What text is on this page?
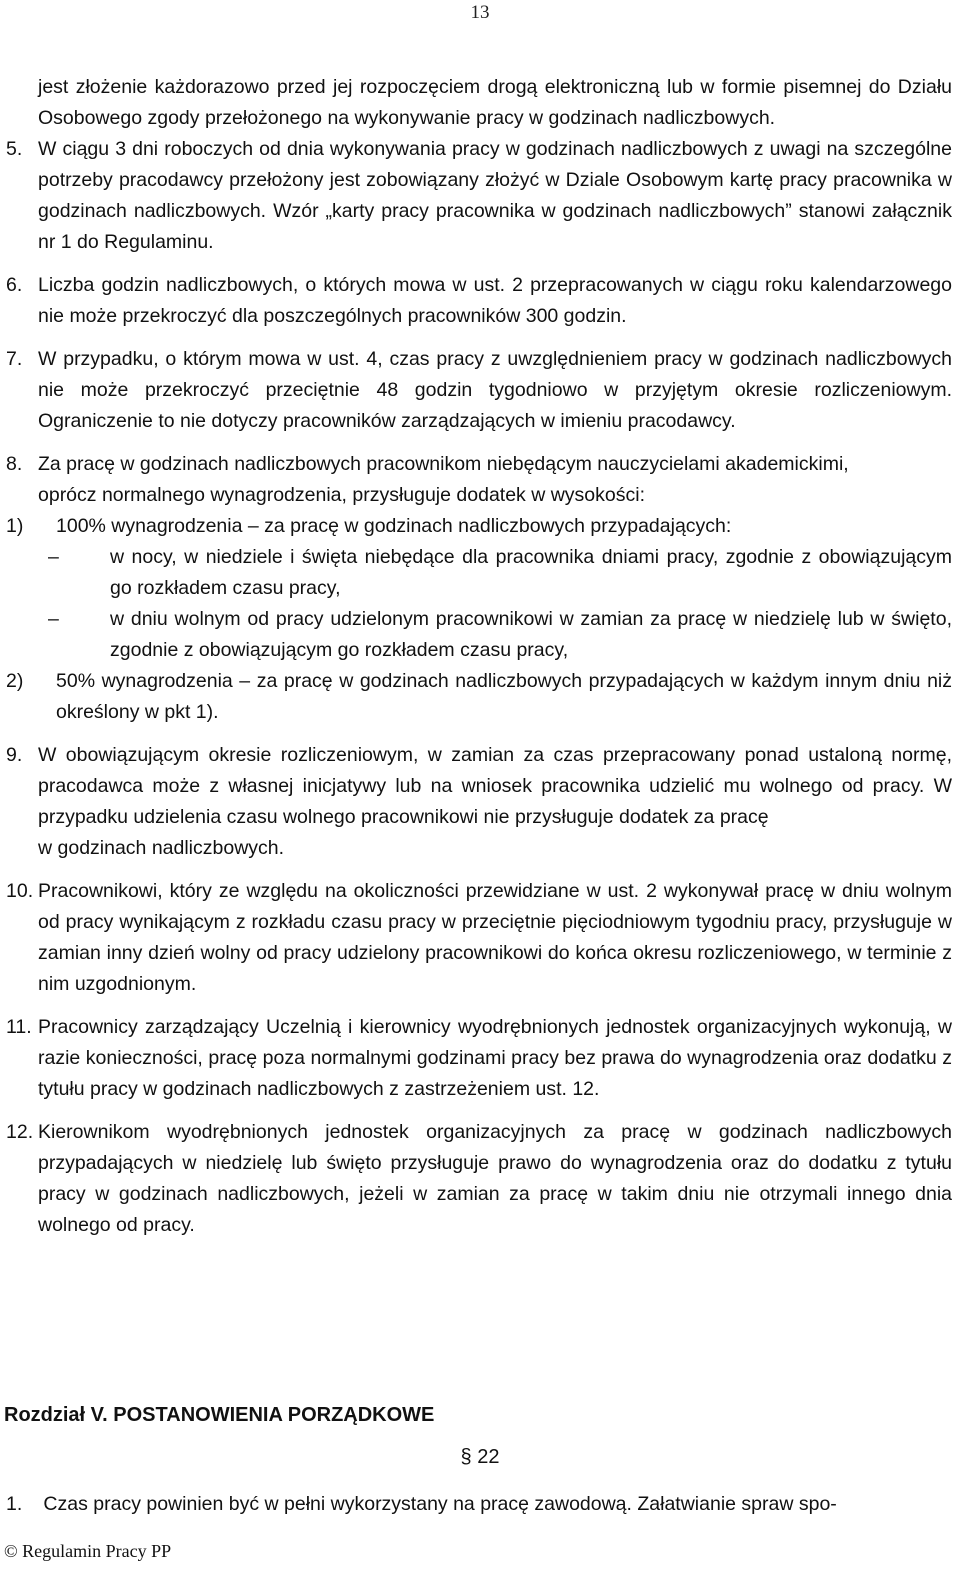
13
jest złożenie każdorazowo przed jej rozpoczęciem drogą elektroniczną lub w formie pisemnej do Działu Osobowego zgody przełożonego na wykonywanie pracy w godzinach nadliczbowych.
5. W ciągu 3 dni roboczych od dnia wykonywania pracy w godzinach nadliczbowych z uwagi na szczególne potrzeby pracodawcy przełożony jest zobowiązany złożyć w Dziale Osobowym kartę pracy pracownika w godzinach nadliczbowych. Wzór „karty pracy pracownika w godzinach nadliczbowych” stanowi załącznik nr 1 do Regulaminu.
6. Liczba godzin nadliczbowych, o których mowa w ust. 2 przepracowanych w ciągu roku kalendarzowego nie może przekroczyć dla poszczególnych pracowników 300 godzin.
7. W przypadku, o którym mowa w ust. 4, czas pracy z uwzględnieniem pracy w godzinach nadliczbowych nie może przekroczyć przeciętnie 48 godzin tygodniowo w przyjętym okresie rozliczeniowym. Ograniczenie to nie dotyczy pracowników zarządzających w imieniu pracodawcy.
8. Za pracę w godzinach nadliczbowych pracownikom niebędącym nauczycielami akademickimi,
oprócz normalnego wynagrodzenia, przysługuje dodatek w wysokości:
1)	100% wynagrodzenia – za pracę w godzinach nadliczbowych przypadających:
–	w nocy, w niedziele i święta niebędące dla pracownika dniami pracy, zgodnie z obowiązującym go rozkładem czasu pracy,
–	w dniu wolnym od pracy udzielonym pracownikowi w zamian za pracę w niedzielę lub w święto, zgodnie z obowiązującym go rozkładem czasu pracy,
2)	50% wynagrodzenia – za pracę w godzinach nadliczbowych przypadających w każdym innym dniu niż określony w pkt 1).
9. W obowiązującym okresie rozliczeniowym, w zamian za czas przepracowany ponad ustaloną normę, pracodawca może z własnej inicjatywy lub na wniosek pracownika udzielić mu wolnego od pracy. W przypadku udzielenia czasu wolnego pracownikowi nie przysługuje dodatek za pracę
w godzinach nadliczbowych.
10. Pracownikowi, który ze względu na okoliczności przewidziane w ust. 2 wykonywał pracę w dniu wolnym od pracy wynikającym z rozkładu czasu pracy w przeciętnie pięciodniowym tygodniu pracy, przysługuje w zamian inny dzień wolny od pracy udzielony pracownikowi do końca okresu rozliczeniowego, w terminie z nim uzgodnionym.
11. Pracownicy zarządzający Uczelnią i kierownicy wyodrębnionych jednostek organizacyjnych wykonują, w razie konieczności, pracę poza normalnymi godzinami pracy bez prawa do wynagrodzenia oraz dodatku z tytułu pracy w godzinach nadliczbowych z zastrzeżeniem ust. 12.
12. Kierownikom wyodrębnionych jednostek organizacyjnych za pracę w godzinach nadliczbowych przypadających w niedzielę lub święto przysługuje prawo do wynagrodzenia oraz do dodatku z tytułu pracy w godzinach nadliczbowych, jeżeli w zamian za pracę w takim dniu nie otrzymali innego dnia wolnego od pracy.
Rozdział V. POSTANOWIENIA PORZĄDKOWE
§ 22
1. Czas pracy powinien być w pełni wykorzystany na pracę zawodową. Załatwianie spraw spo-
© Regulamin Pracy PP
